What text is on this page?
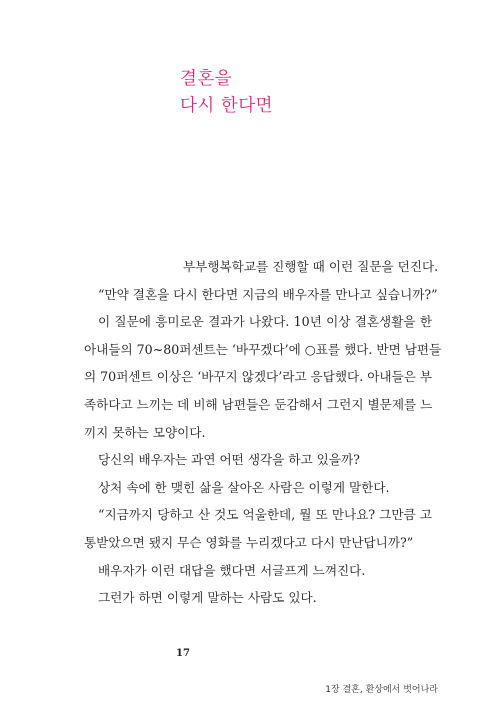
결혼을
다시 한다면
부부행복학교를 진행할 때 이런 질문을 던진다.
“만약 결혼을 다시 한다면 지금의 배우자를 만나고 싶습니까?”
이 질문에 흥미로운 결과가 나왔다. 10년 이상 결혼생활을 한
아내들의 70~80퍼센트는 ‘바꾸겠다’에 ○표를 했다. 반면 남편들
의 70퍼센트 이상은 ‘바꾸지 않겠다’라고 응답했다. 아내들은 부
족하다고 느끼는 데 비해 남편들은 둔감해서 그런지 별문제를 느
끼지 못하는 모양이다.
당신의 배우자는 과연 어떤 생각을 하고 있을까?
상처 속에 한 맺힌 삶을 살아온 사람은 이렇게 말한다.
“지금까지 당하고 산 것도 억울한데, 뭘 또 만나요? 그만큼 고
통받았으면 됐지 무슨 영화를 누리겠다고 다시 만난답니까?”
배우자가 이런 대답을 했다면 서글프게 느껴진다.
그런가 하면 이렇게 말하는 사람도 있다.
17
1장 결혼, 환상에서 벗어나라
